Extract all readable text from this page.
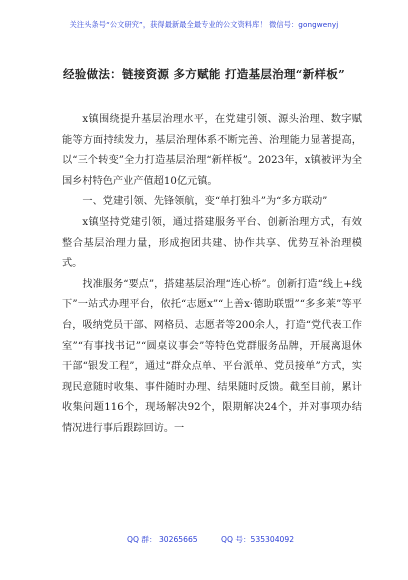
关注头条号“公文研究”，获得最新最全最专业的公文资料库！ 微信号：gongwenyj
经验做法：链接资源 多方赋能 打造基层治理“新样板”

x镇围绕提升基层治理水平，在党建引领、源头治理、数字赋能等方面持续发力，基层治理体系不断完善、治理能力显著提高，以“三个转变”全力打造基层治理“新样板”。2023年，x镇被评为全国乡村特色产业产值超10亿元镇。

一、党建引领、先锋领航，变“单打独斗”为“多方联动”

x镇坚持党建引领，通过搭建服务平台、创新治理方式，有效整合基层治理力量，形成抱团共建、协作共享、优势互补治理模式。

找准服务“要点”，搭建基层治理“连心桥”。创新打造“线上+线下”一站式办理平台，依托“志愿x”“上善x·德助联盟”“多多莱”等平台，吸纳党员干部、网格员、志愿者等200余人，打造“党代表工作室”“有事找书记”“圆桌议事会”等特色党群服务品牌，开展离退休干部“银发工程”，通过“群众点单、平台派单、党员接单”方式，实现民意随时收集、事件随时办理、结果随时反馈。截至目前，累计收集问题116个，现场解决92个，限期解决24个，并对事项办结情况进行事后跟踪回访。一

QQ 群： 30265665	QQ 号：535304092
